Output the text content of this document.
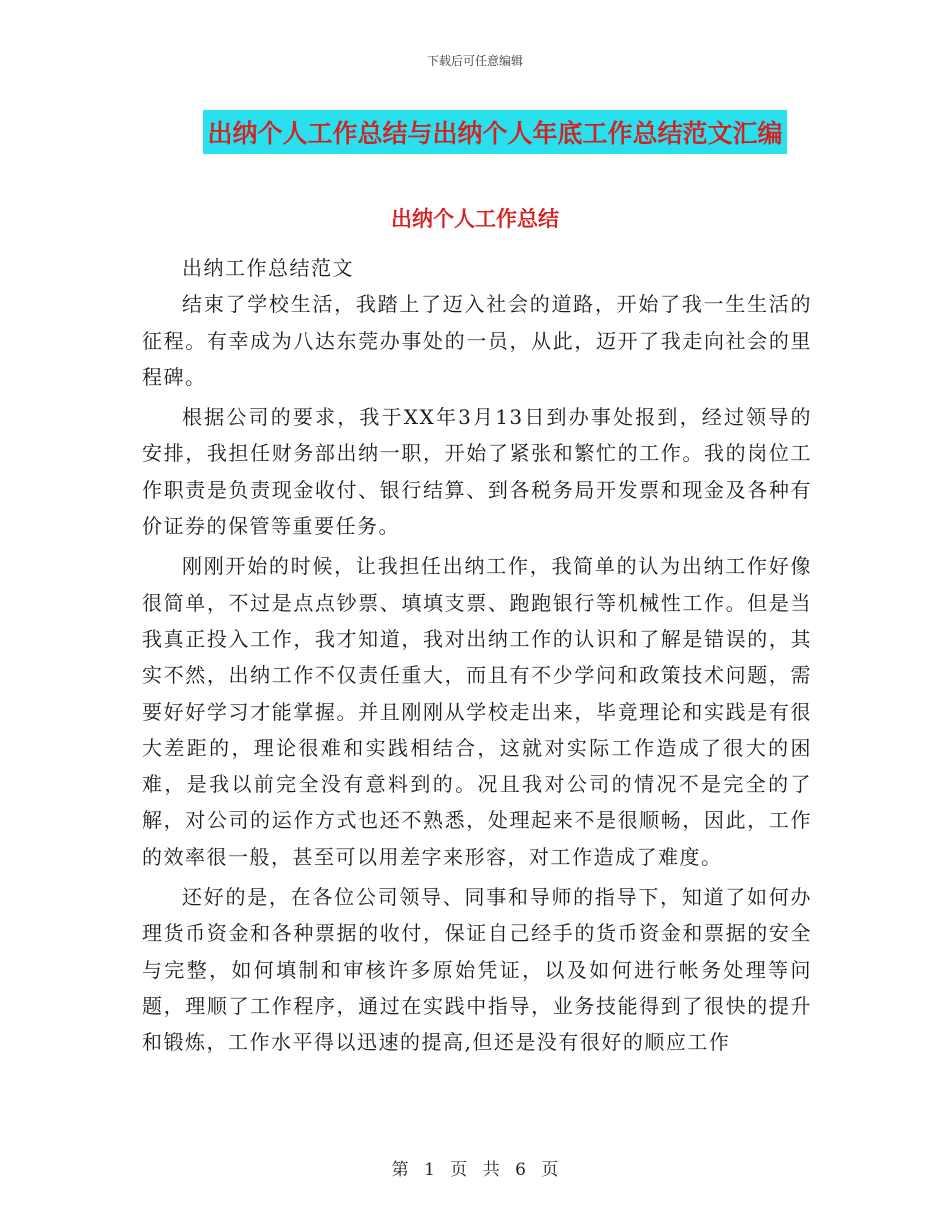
下载后可任意编辑
出纳个人工作总结与出纳个人年底工作总结范文汇编
出纳个人工作总结

出纳工作总结范文

结束了学校生活，我踏上了迈入社会的道路，开始了我一生生活的征程。有幸成为八达东莞办事处的一员，从此，迈开了我走向社会的里程碑。

根据公司的要求，我于XX年3月13日到办事处报到，经过领导的安排，我担任财务部出纳一职，开始了紧张和繁忙的工作。我的岗位工作职责是负责现金收付、银行结算、到各税务局开发票和现金及各种有价证券的保管等重要任务。

刚刚开始的时候，让我担任出纳工作，我简单的认为出纳工作好像很简单，不过是点点钞票、填填支票、跑跑银行等机械性工作。但是当我真正投入工作，我才知道，我对出纳工作的认识和了解是错误的，其实不然，出纳工作不仅责任重大，而且有不少学问和政策技术问题，需要好好学习才能掌握。并且刚刚从学校走出来，毕竟理论和实践是有很大差距的，理论很难和实践相结合，这就对实际工作造成了很大的困难，是我以前完全没有意料到的。况且我对公司的情况不是完全的了解，对公司的运作方式也还不熟悉，处理起来不是很顺畅，因此，工作的效率很一般，甚至可以用差字来形容，对工作造成了难度。

还好的是，在各位公司领导、同事和导师的指导下，知道了如何办理货币资金和各种票据的收付，保证自己经手的货币资金和票据的安全与完整，如何填制和审核许多原始凭证，以及如何进行帐务处理等问题，理顺了工作程序，通过在实践中指导，业务技能得到了很快的提升和锻炼，工作水平得以迅速的提高,但还是没有很好的顺应工作

第 1 页 共 6 页
